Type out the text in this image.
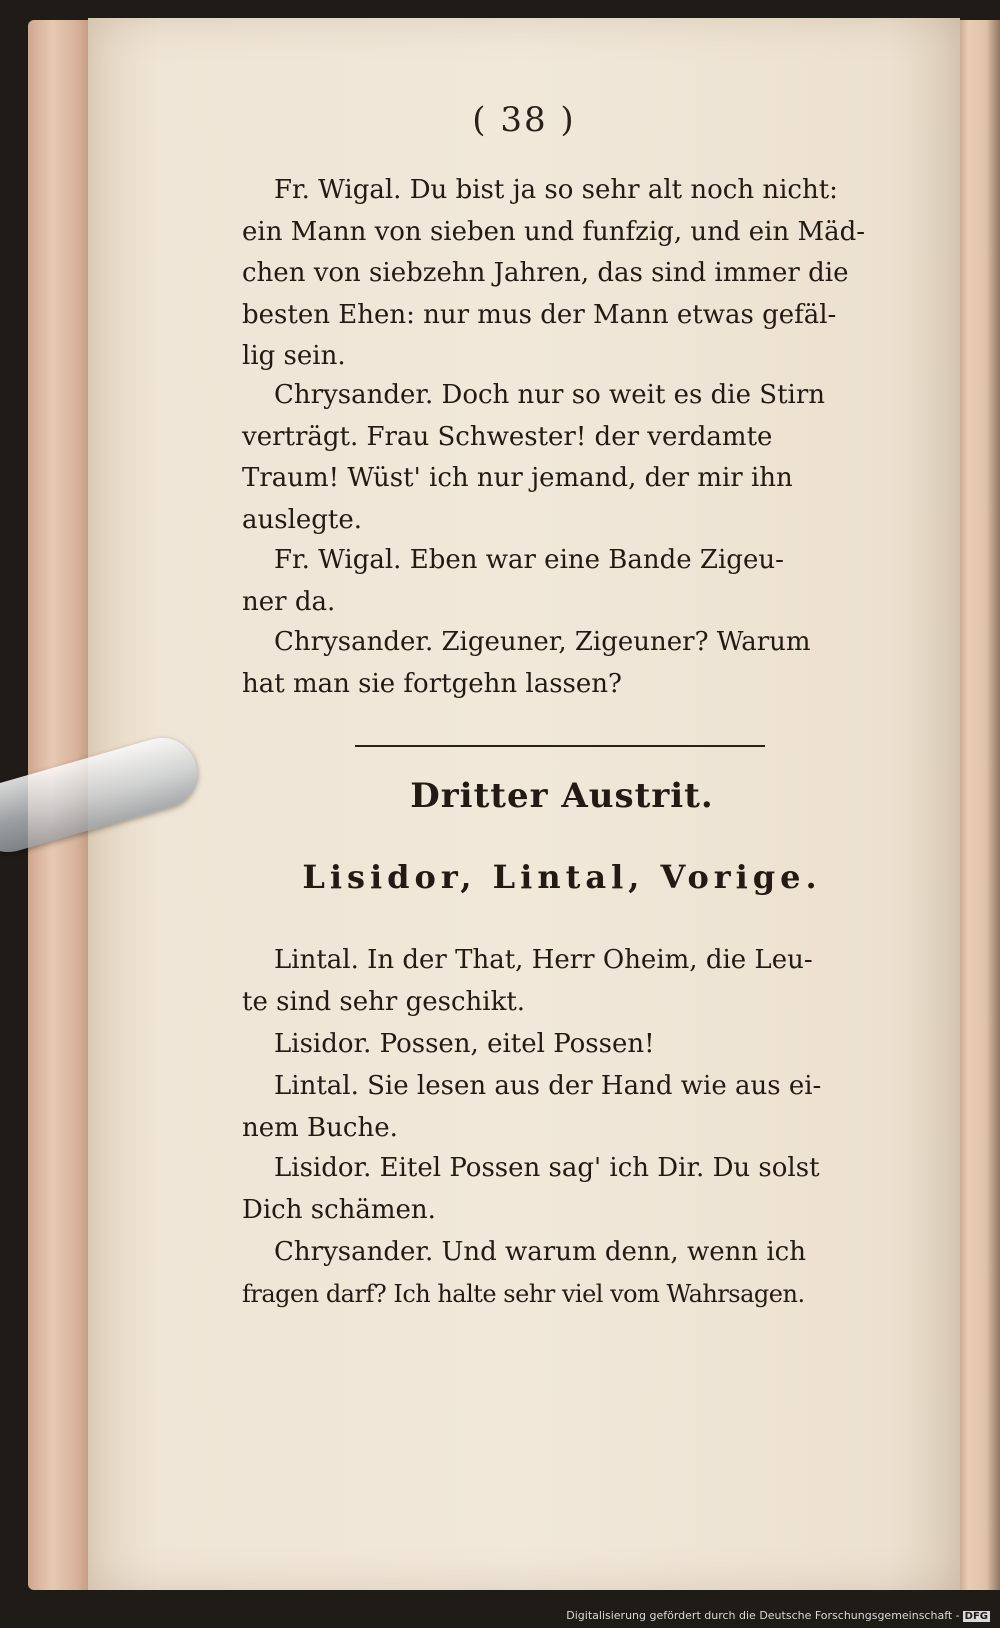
( 38 )

Fr. Wigal. Du bist ja so sehr alt noch nicht:

ein Mann von sieben und funfzig, und ein Mäd-

chen von siebzehn Jahren, das sind immer die

besten Ehen: nur mus der Mann etwas gefäl-

lig sein.

Chrysander. Doch nur so weit es die Stirn

verträgt. Frau Schwester! der verdamte

Traum! Wüst' ich nur jemand, der mir ihn

auslegte.

Fr. Wigal. Eben war eine Bande Zigeu-

ner da.

Chrysander. Zigeuner, Zigeuner? Warum

hat man sie fortgehn lassen?

Dritter Austrit.
Lisidor, Lintal, Vorige.

Lintal. In der That, Herr Oheim, die Leu-

te sind sehr geschikt.

Lisidor. Possen, eitel Possen!

Lintal. Sie lesen aus der Hand wie aus ei-

nem Buche.

Lisidor. Eitel Possen sag' ich Dir. Du solst

Dich schämen.

Chrysander. Und warum denn, wenn ich

fragen darf? Ich halte sehr viel vom Wahrsagen.

Digitalisierung gefördert durch die Deutsche Forschungsgemeinschaft - DFG
